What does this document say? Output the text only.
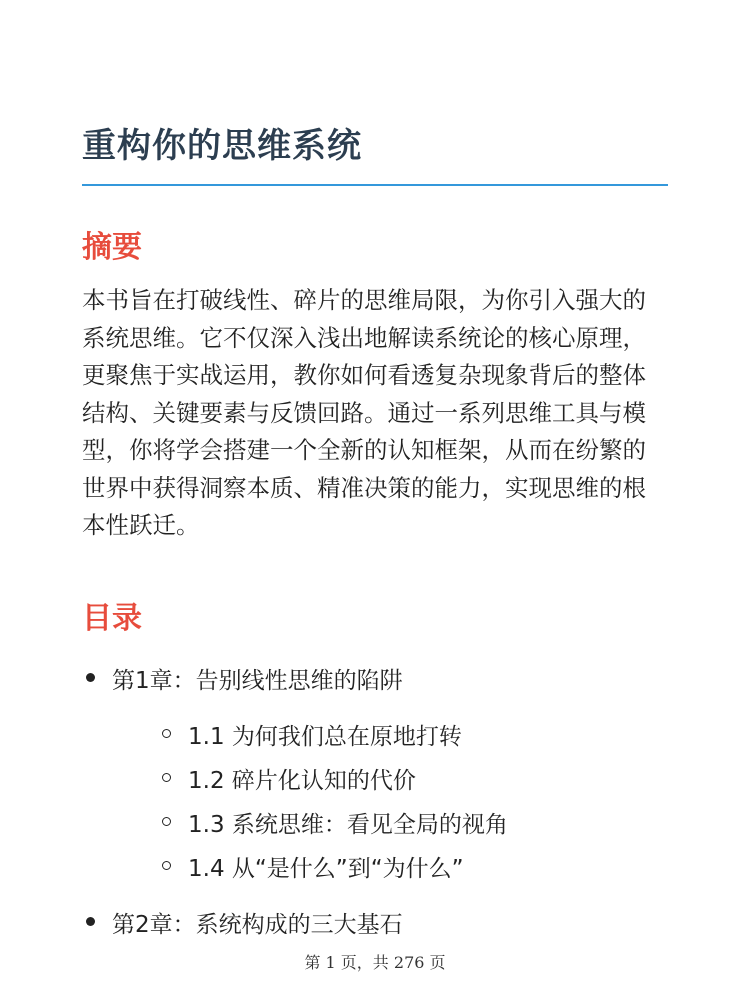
重构你的思维系统
摘要

本书旨在打破线性、碎片的思维局限，为你引入强大的系统思维。它不仅深入浅出地解读系统论的核心原理，更聚焦于实战运用，教你如何看透复杂现象背后的整体结构、关键要素与反馈回路。通过一系列思维工具与模型，你将学会搭建一个全新的认知框架，从而在纷繁的世界中获得洞察本质、精准决策的能力，实现思维的根本性跃迁。

目录
第1章：告别线性思维的陷阱
1.1 为何我们总在原地打转
1.2 碎片化认知的代价
1.3 系统思维：看见全局的视角
1.4 从“是什么”到“为什么”
第2章：系统构成的三大基石
第 1 页，共 276 页
